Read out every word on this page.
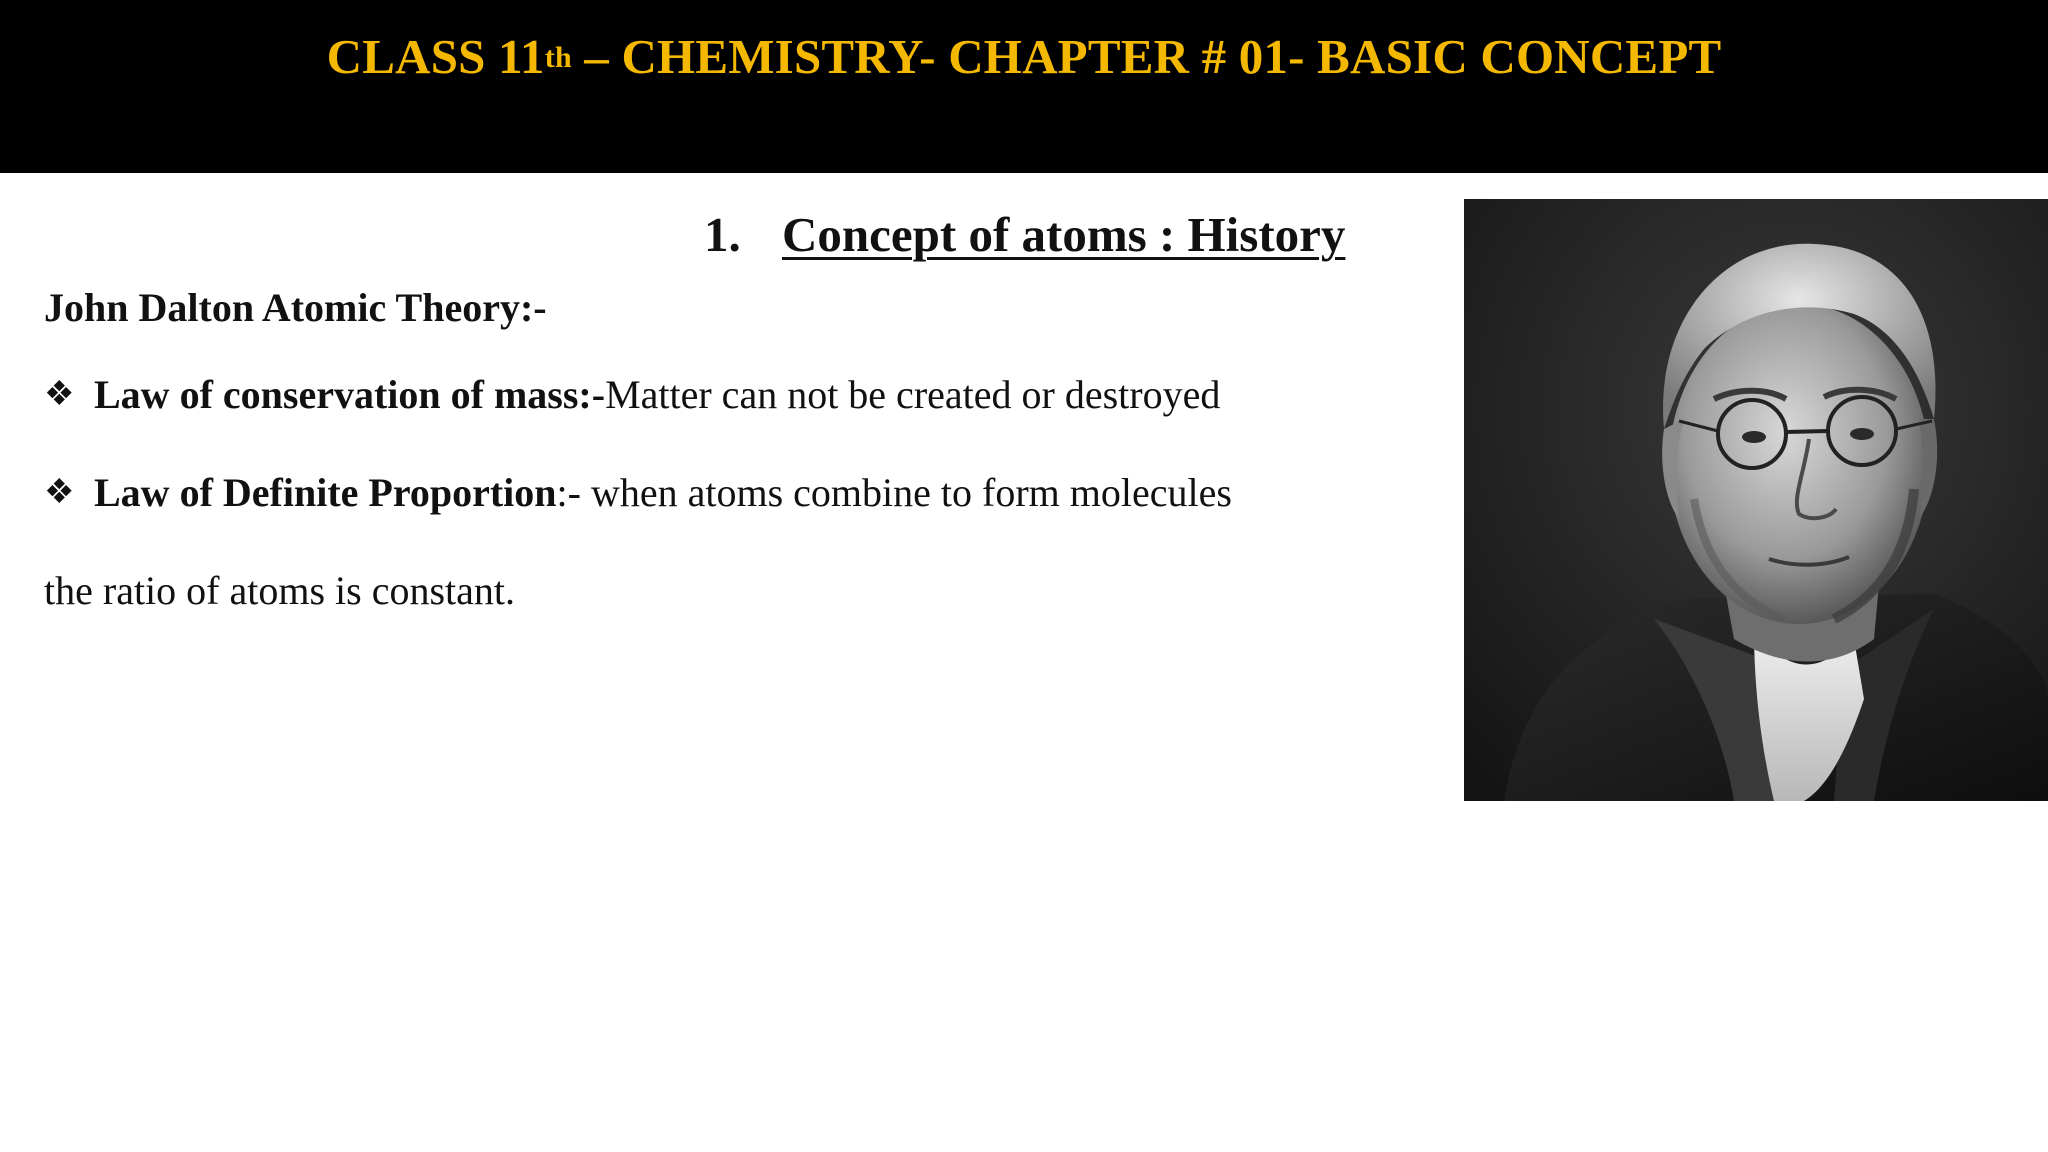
CLASS 11th – CHEMISTRY- CHAPTER # 01- BASIC CONCEPT
1. Concept of atoms : History
John Dalton Atomic Theory:-
❖ Law of conservation of mass:-Matter can not be created or destroyed
❖ Law of Definite Proportion:- when atoms combine to form molecules
the ratio of atoms is constant.
